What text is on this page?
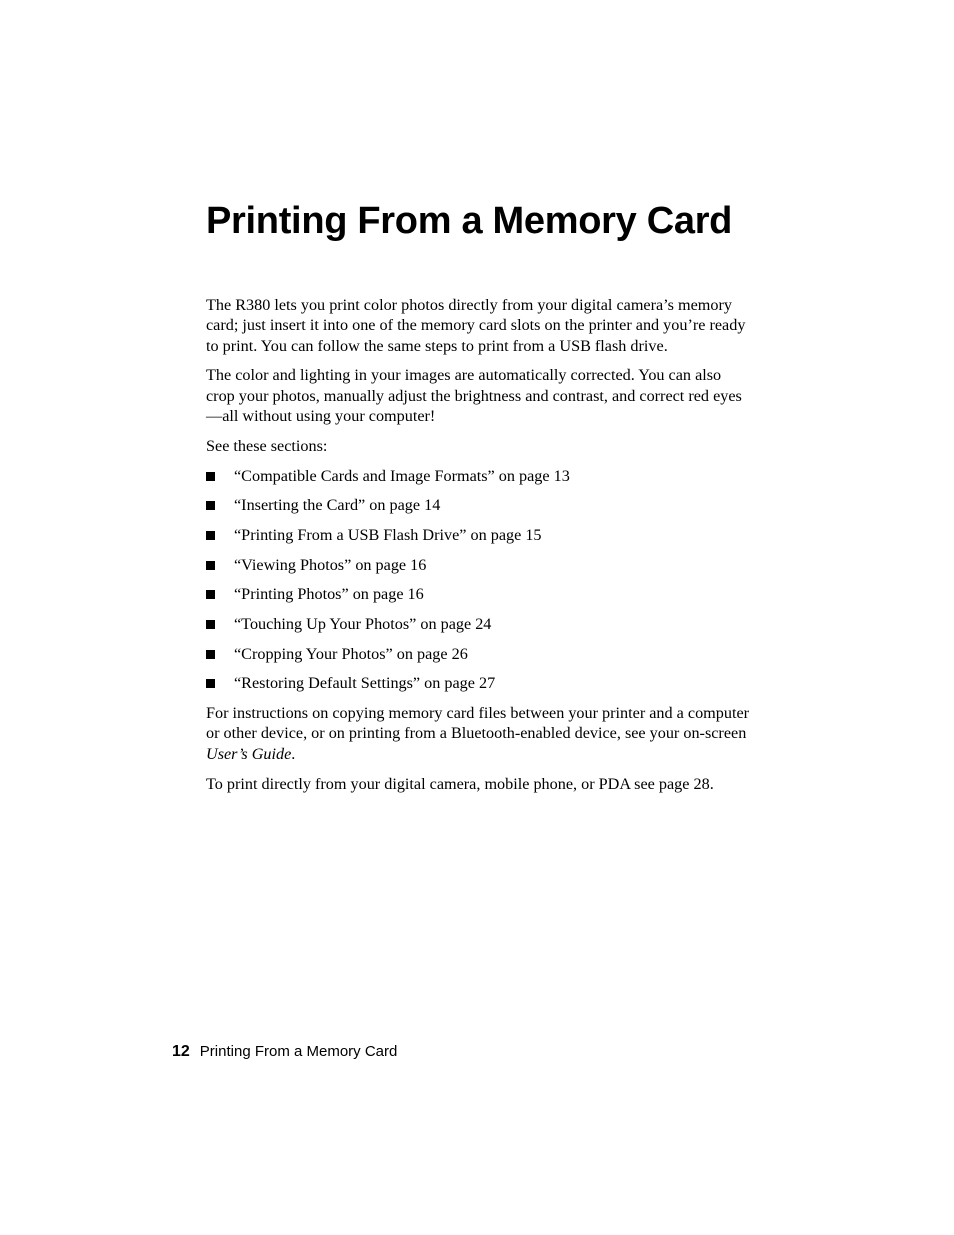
Printing From a Memory Card

The R380 lets you print color photos directly from your digital camera’s memory card; just insert it into one of the memory card slots on the printer and you’re ready to print. You can follow the same steps to print from a USB flash drive.

The color and lighting in your images are automatically corrected. You can also crop your photos, manually adjust the brightness and contrast, and correct red eyes—all without using your computer!

See these sections:

“Compatible Cards and Image Formats” on page 13
“Inserting the Card” on page 14
“Printing From a USB Flash Drive” on page 15
“Viewing Photos” on page 16
“Printing Photos” on page 16
“Touching Up Your Photos” on page 24
“Cropping Your Photos” on page 26
“Restoring Default Settings” on page 27

For instructions on copying memory card files between your printer and a computer or other device, or on printing from a Bluetooth-enabled device, see your on-screen User’s Guide.

To print directly from your digital camera, mobile phone, or PDA see page 28.

12 Printing From a Memory Card
